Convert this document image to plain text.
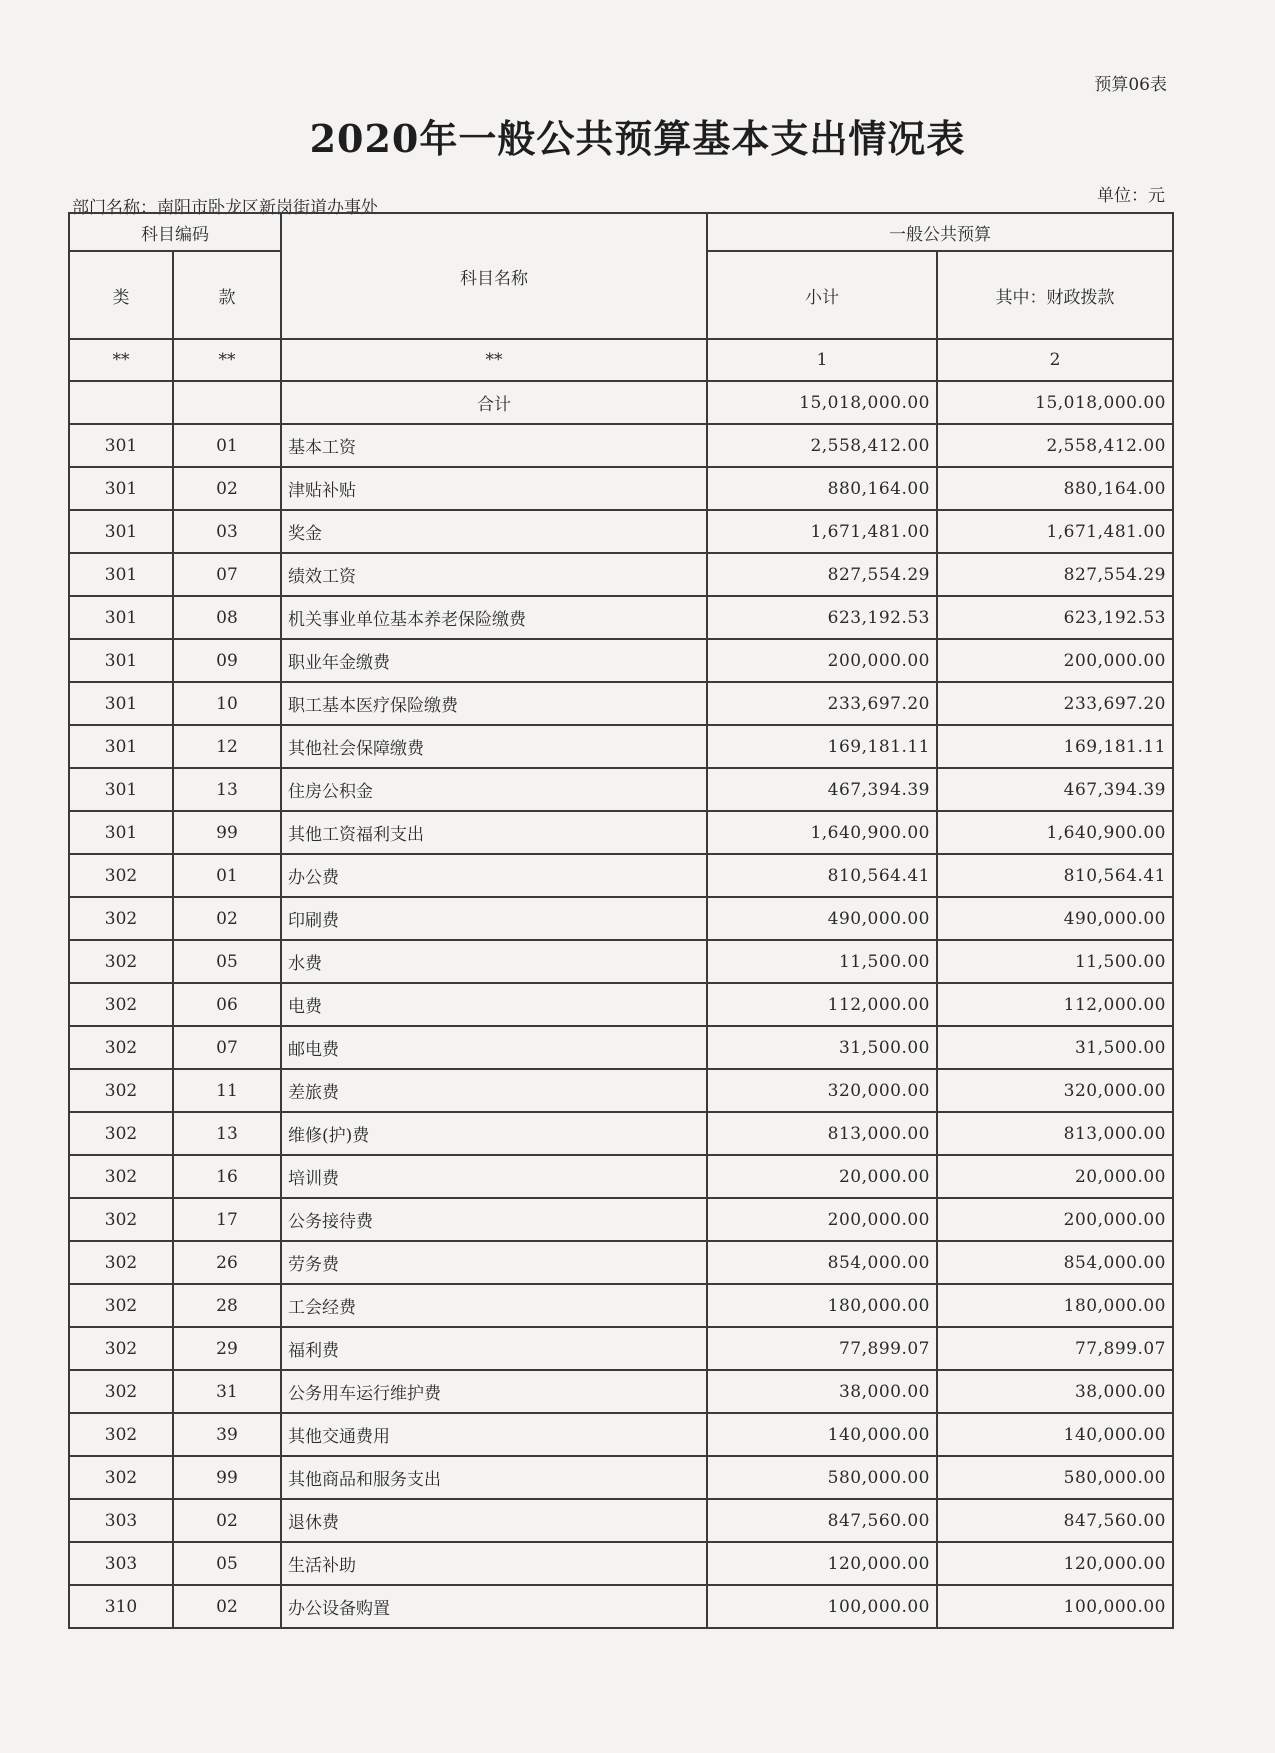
预算06表
2020年一般公共预算基本支出情况表
部门名称：南阳市卧龙区新岗街道办事处
单位：元
科目编码		科目名称	一般公共预算	
类	款		小计	其中：财政拨款
**	**	**	1	2
		合计	15,018,000.00	15,018,000.00
301	01	基本工资	2,558,412.00	2,558,412.00
301	02	津贴补贴	880,164.00	880,164.00
301	03	奖金	1,671,481.00	1,671,481.00
301	07	绩效工资	827,554.29	827,554.29
301	08	机关事业单位基本养老保险缴费	623,192.53	623,192.53
301	09	职业年金缴费	200,000.00	200,000.00
301	10	职工基本医疗保险缴费	233,697.20	233,697.20
301	12	其他社会保障缴费	169,181.11	169,181.11
301	13	住房公积金	467,394.39	467,394.39
301	99	其他工资福利支出	1,640,900.00	1,640,900.00
302	01	办公费	810,564.41	810,564.41
302	02	印刷费	490,000.00	490,000.00
302	05	水费	11,500.00	11,500.00
302	06	电费	112,000.00	112,000.00
302	07	邮电费	31,500.00	31,500.00
302	11	差旅费	320,000.00	320,000.00
302	13	维修(护)费	813,000.00	813,000.00
302	16	培训费	20,000.00	20,000.00
302	17	公务接待费	200,000.00	200,000.00
302	26	劳务费	854,000.00	854,000.00
302	28	工会经费	180,000.00	180,000.00
302	29	福利费	77,899.07	77,899.07
302	31	公务用车运行维护费	38,000.00	38,000.00
302	39	其他交通费用	140,000.00	140,000.00
302	99	其他商品和服务支出	580,000.00	580,000.00
303	02	退休费	847,560.00	847,560.00
303	05	生活补助	120,000.00	120,000.00
310	02	办公设备购置	100,000.00	100,000.00
